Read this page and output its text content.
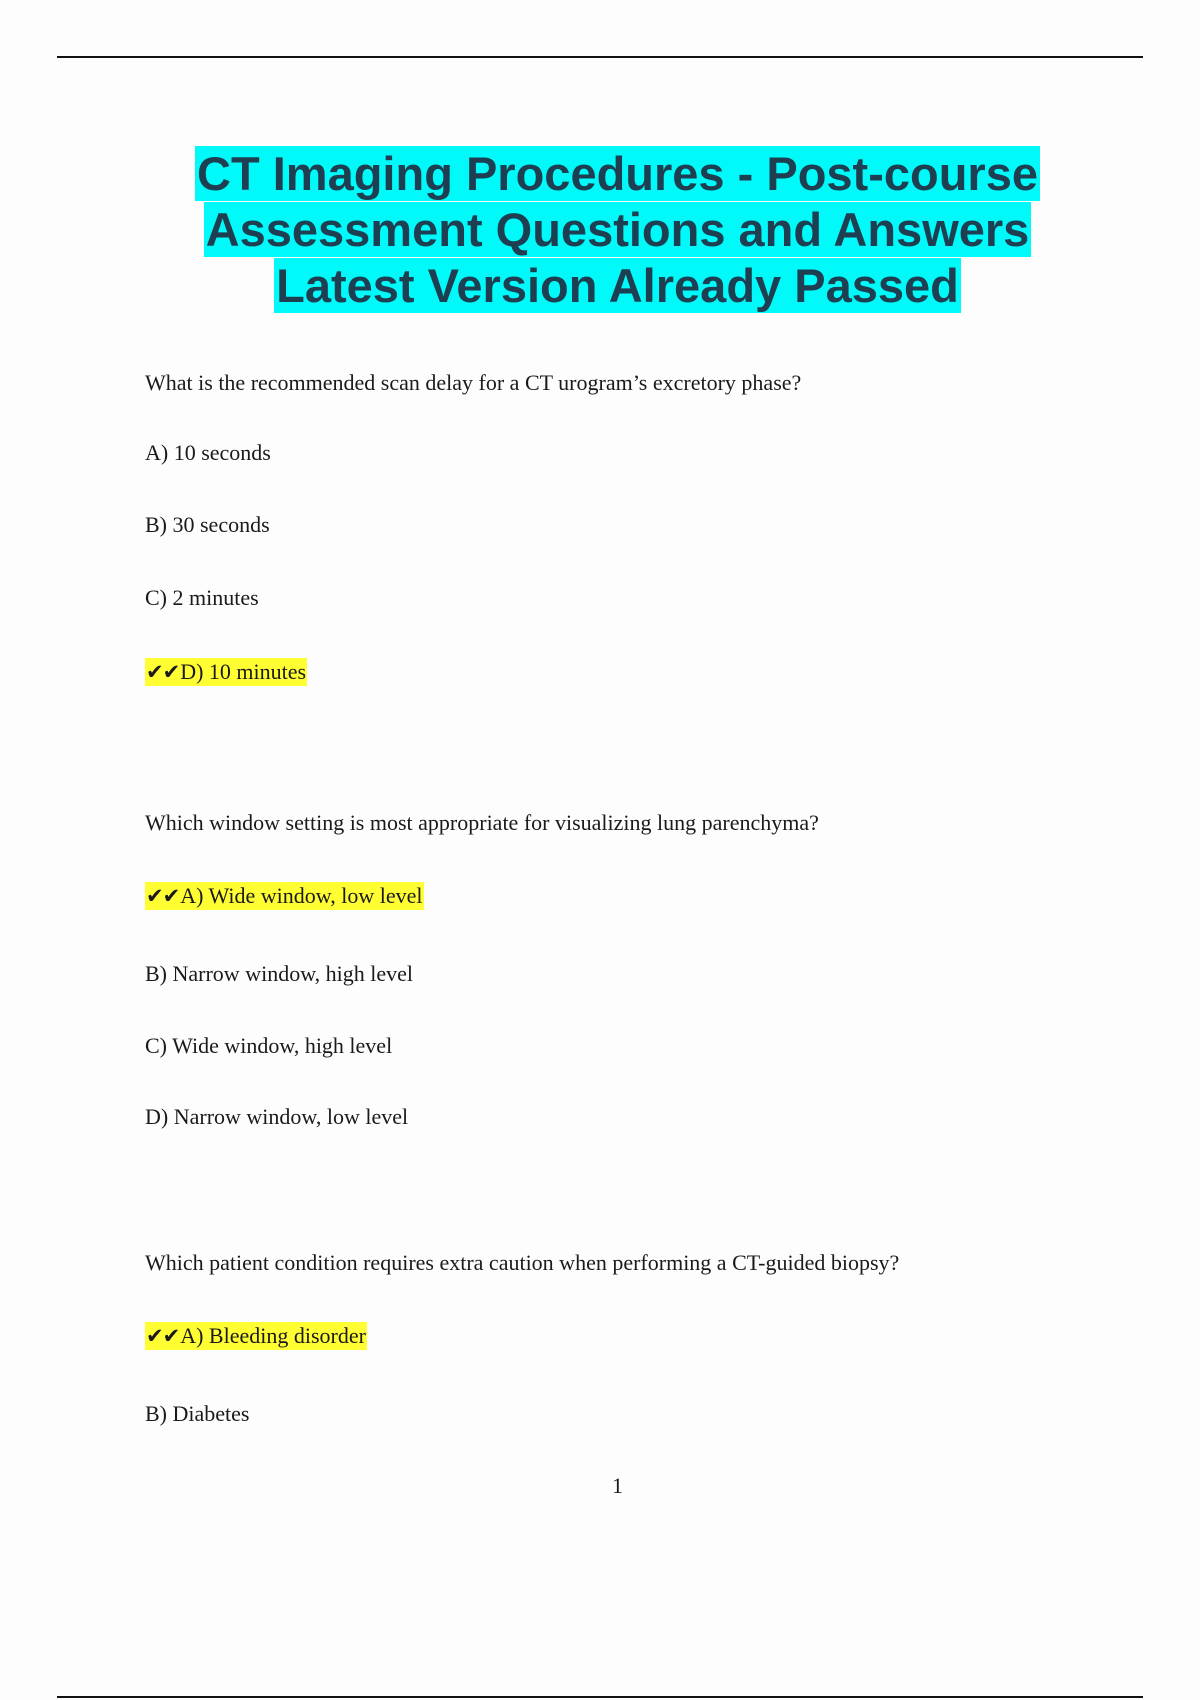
CT Imaging Procedures - Post-course
Assessment Questions and Answers
Latest Version Already Passed
What is the recommended scan delay for a CT urogram’s excretory phase?
A) 10 seconds
B) 30 seconds
C) 2 minutes
✔✔D) 10 minutes
Which window setting is most appropriate for visualizing lung parenchyma?
✔✔A) Wide window, low level
B) Narrow window, high level
C) Wide window, high level
D) Narrow window, low level
Which patient condition requires extra caution when performing a CT-guided biopsy?
✔✔A) Bleeding disorder
B) Diabetes
1
